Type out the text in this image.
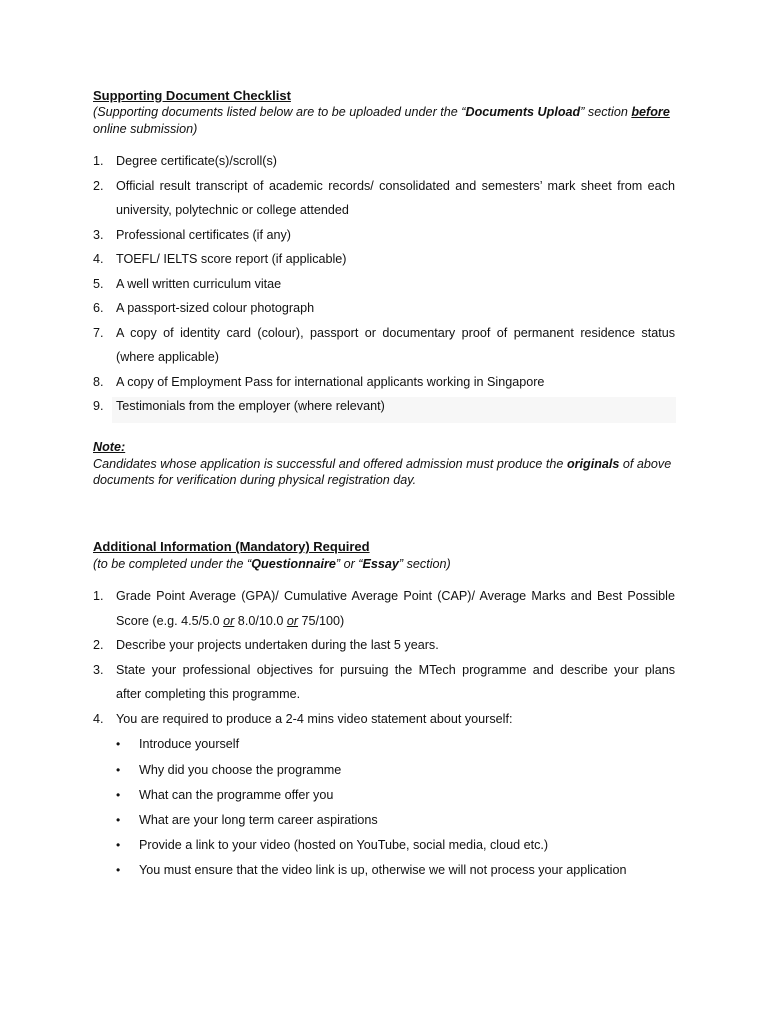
Supporting Document Checklist
(Supporting documents listed below are to be uploaded under the “Documents Upload” section before
online submission)
1. Degree certificate(s)/scroll(s)
2. Official result transcript of academic records/ consolidated and semesters’ mark sheet from each
university, polytechnic or college attended
3. Professional certificates (if any)
4. TOEFL/ IELTS score report (if applicable)
5. A well written curriculum vitae
6. A passport-sized colour photograph
7. A copy of identity card (colour), passport or documentary proof of permanent residence status
(where applicable)
8. A copy of Employment Pass for international applicants working in Singapore
9. Testimonials from the employer (where relevant)
Note:
Candidates whose application is successful and offered admission must produce the originals of above
documents for verification during physical registration day.
Additional Information (Mandatory) Required
(to be completed under the “Questionnaire” or “Essay” section)
1. Grade Point Average (GPA)/ Cumulative Average Point (CAP)/ Average Marks and Best Possible
Score (e.g. 4.5/5.0 or 8.0/10.0 or 75/100)
2. Describe your projects undertaken during the last 5 years.
3. State your professional objectives for pursuing the MTech programme and describe your plans
after completing this programme.
4. You are required to produce a 2-4 mins video statement about yourself:
• Introduce yourself
• Why did you choose the programme
• What can the programme offer you
• What are your long term career aspirations
• Provide a link to your video (hosted on YouTube, social media, cloud etc.)
• You must ensure that the video link is up, otherwise we will not process your application
